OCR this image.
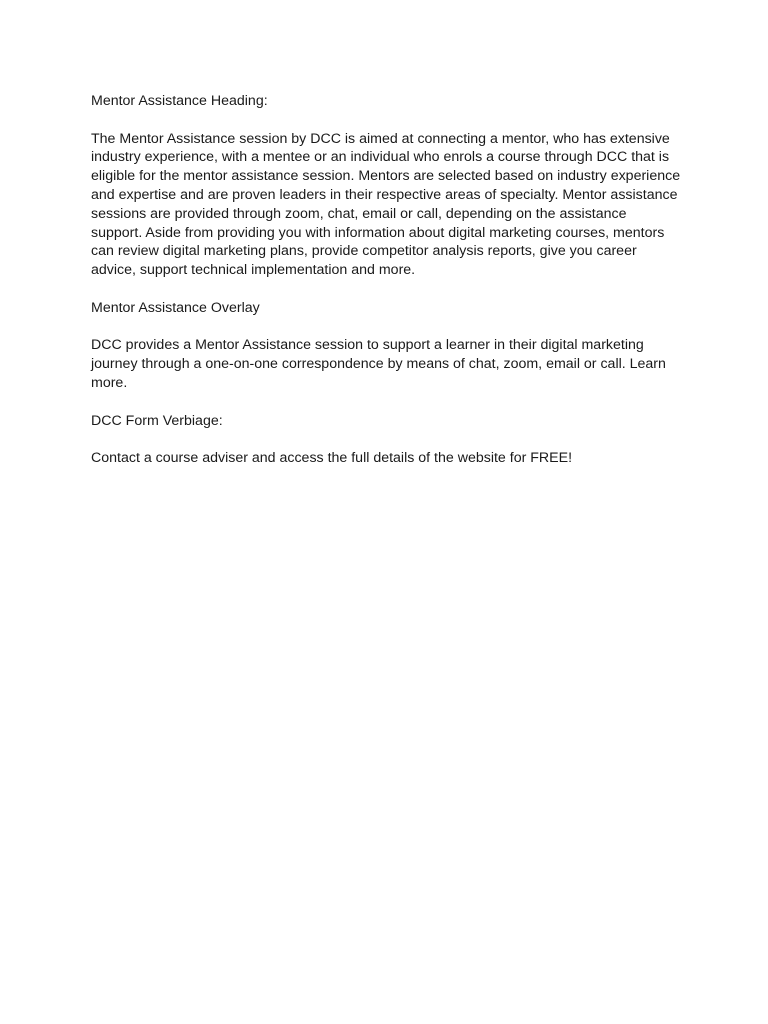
Mentor Assistance Heading:

The Mentor Assistance session by DCC is aimed at connecting a mentor, who has extensive industry experience, with a mentee or an individual who enrols a course through DCC that is eligible for the mentor assistance session. Mentors are selected based on industry experience and expertise and are proven leaders in their respective areas of specialty. Mentor assistance sessions are provided through zoom, chat, email or call, depending on the assistance support. Aside from providing you with information about digital marketing courses, mentors can review digital marketing plans, provide competitor analysis reports, give you career advice, support technical implementation and more.

Mentor Assistance Overlay

DCC provides a Mentor Assistance session to support a learner in their digital marketing journey through a one-on-one correspondence by means of chat, zoom, email or call. Learn more.

DCC Form Verbiage:

Contact a course adviser and access the full details of the website for FREE!
